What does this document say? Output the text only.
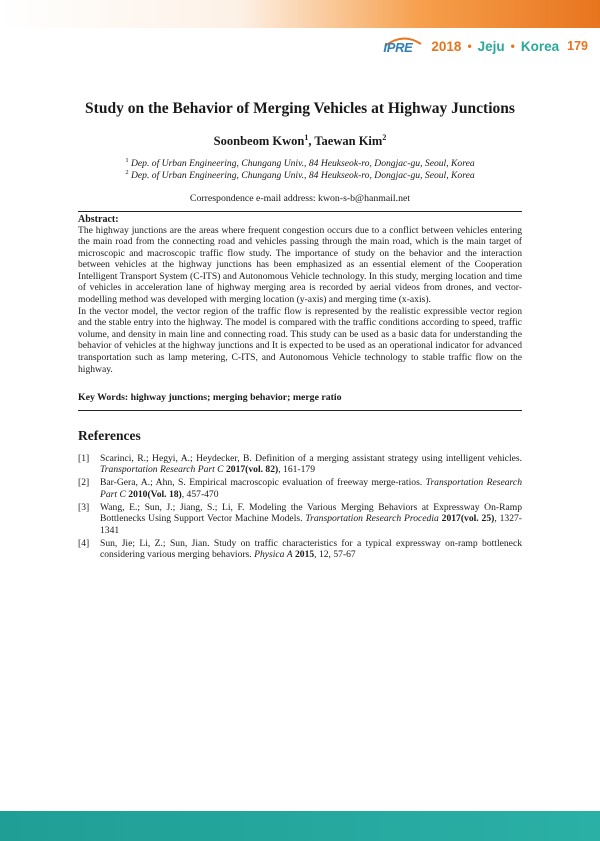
IPRE 2018 • Jeju • Korea 179
Study on the Behavior of Merging Vehicles at Highway Junctions
Soonbeom Kwon$^1$, Taewan Kim$^2$
$^1$ Dep. of Urban Engineering, Chungang Univ., 84 Heukseok-ro, Dongjac-gu, Seoul, Korea
$^2$ Dep. of Urban Engineering, Chungang Univ., 84 Heukseok-ro, Dongjac-gu, Seoul, Korea
Correspondence e-mail address: kwon-s-b@hanmail.net
Abstract:

The highway junctions are the areas where frequent congestion occurs due to a conflict between vehicles entering the main road from the connecting road and vehicles passing through the main road, which is the main target of microscopic and macroscopic traffic flow study. The importance of study on the behavior and the interaction between vehicles at the highway junctions has been emphasized as an essential element of the Cooperation Intelligent Transport System (C-ITS) and Autonomous Vehicle technology. In this study, merging location and time of vehicles in acceleration lane of highway merging area is recorded by aerial videos from drones, and vector-modelling method was developed with merging location (y-axis) and merging time (x-axis).

In the vector model, the vector region of the traffic flow is represented by the realistic expressible vector region and the stable entry into the highway. The model is compared with the traffic conditions according to speed, traffic volume, and density in main line and connecting road. This study can be used as a basic data for understanding the behavior of vehicles at the highway junctions and It is expected to be used as an operational indicator for advanced transportation such as lamp metering, C-ITS, and Autonomous Vehicle technology to stable traffic flow on the highway.

Key Words: highway junctions; merging behavior; merge ratio
References
[1]	Scarinci, R.; Hegyi, A.; Heydecker, B. Definition of a merging assistant strategy using intelligent vehicles. Transportation Research Part C 2017(vol. 82), 161-179
[2]	Bar-Gera, A.; Ahn, S. Empirical macroscopic evaluation of freeway merge-ratios. Transportation Research Part C 2010(Vol. 18), 457-470
[3]	Wang, E.; Sun, J.; Jiang, S.; Li, F. Modeling the Various Merging Behaviors at Expressway On-Ramp Bottlenecks Using Support Vector Machine Models. Transportation Research Procedia 2017(vol. 25), 1327-1341
[4]	Sun, Jie; Li, Z.; Sun, Jian. Study on traffic characteristics for a typical expressway on-ramp bottleneck considering various merging behaviors. Physica A 2015, 12, 57-67
